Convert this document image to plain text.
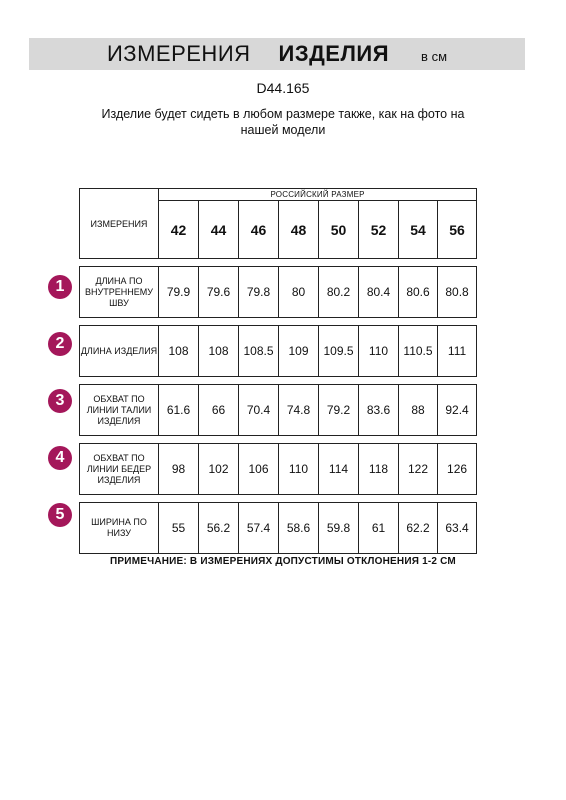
ИЗМЕРЕНИЯ ИЗДЕЛИЯ в см
D44.165
Изделие будет сидеть в любом размере также, как на фото на нашей модели
ИЗМЕРЕНИЯ	РОССИЙСКИЙ РАЗМЕР							
	42	44	46	48	50	52	54	56

ДЛИНА ПО ВНУТРЕННЕМУ ШВУ	79.9	79.6	79.8	80	80.2	80.4	80.6	80.8

ДЛИНА ИЗДЕЛИЯ	108	108	108.5	109	109.5	110	110.5	111

ОБХВАТ ПО ЛИНИИ ТАЛИИ ИЗДЕЛИЯ	61.6	66	70.4	74.8	79.2	83.6	88	92.4

ОБХВАТ ПО ЛИНИИ БЕДЕР ИЗДЕЛИЯ	98	102	106	110	114	118	122	126

ШИРИНА ПО НИЗУ	55	56.2	57.4	58.6	59.8	61	62.2	63.4
1
2
3
4
5
ПРИМЕЧАНИЕ: В ИЗМЕРЕНИЯХ ДОПУСТИМЫ ОТКЛОНЕНИЯ 1-2 СМ
